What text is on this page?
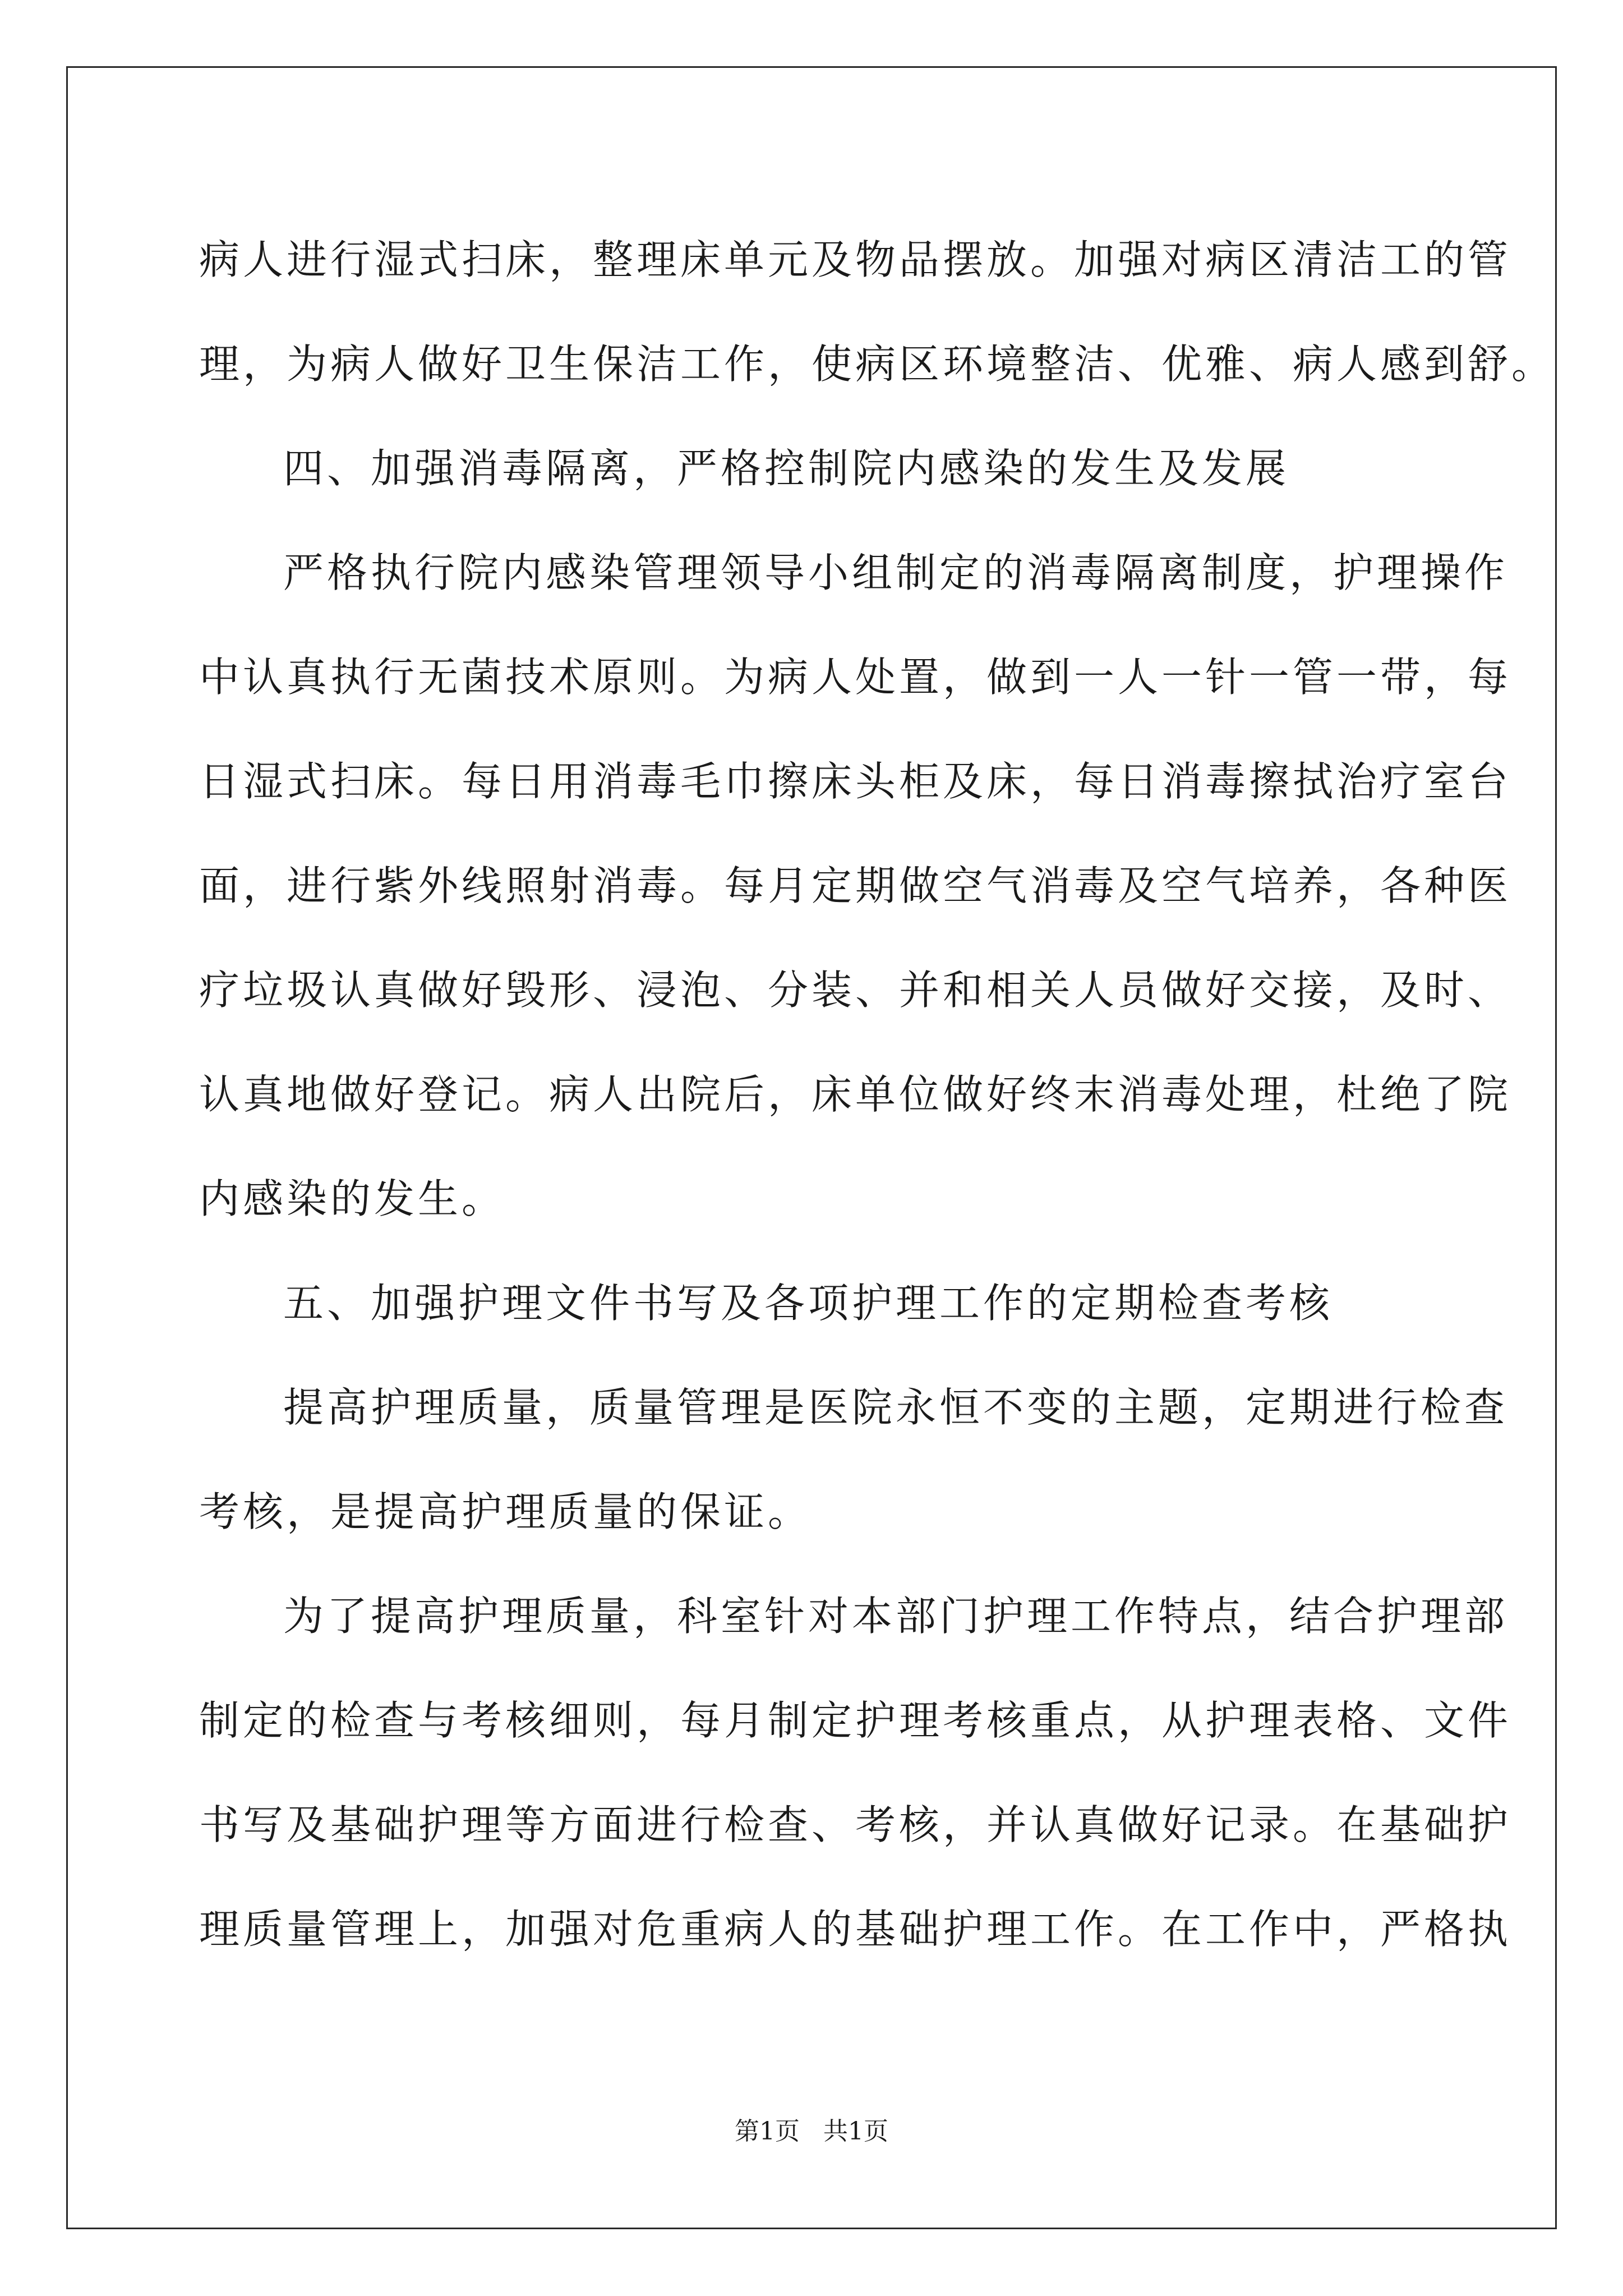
病人进行湿式扫床，整理床单元及物品摆放。加强对病区清洁工的管
理，为病人做好卫生保洁工作，使病区环境整洁、优雅、病人感到舒。
四、加强消毒隔离，严格控制院内感染的发生及发展
严格执行院内感染管理领导小组制定的消毒隔离制度，护理操作
中认真执行无菌技术原则。为病人处置，做到一人一针一管一带，每
日湿式扫床。每日用消毒毛巾擦床头柜及床，每日消毒擦拭治疗室台
面，进行紫外线照射消毒。每月定期做空气消毒及空气培养，各种医
疗垃圾认真做好毁形、浸泡、分装、并和相关人员做好交接，及时、
认真地做好登记。病人出院后，床单位做好终末消毒处理，杜绝了院
内感染的发生。
五、加强护理文件书写及各项护理工作的定期检查考核
提高护理质量，质量管理是医院永恒不变的主题，定期进行检查
考核，是提高护理质量的保证。
为了提高护理质量，科室针对本部门护理工作特点，结合护理部
制定的检查与考核细则，每月制定护理考核重点，从护理表格、文件
书写及基础护理等方面进行检查、考核，并认真做好记录。在基础护
理质量管理上，加强对危重病人的基础护理工作。在工作中，严格执
第1页   共1页
